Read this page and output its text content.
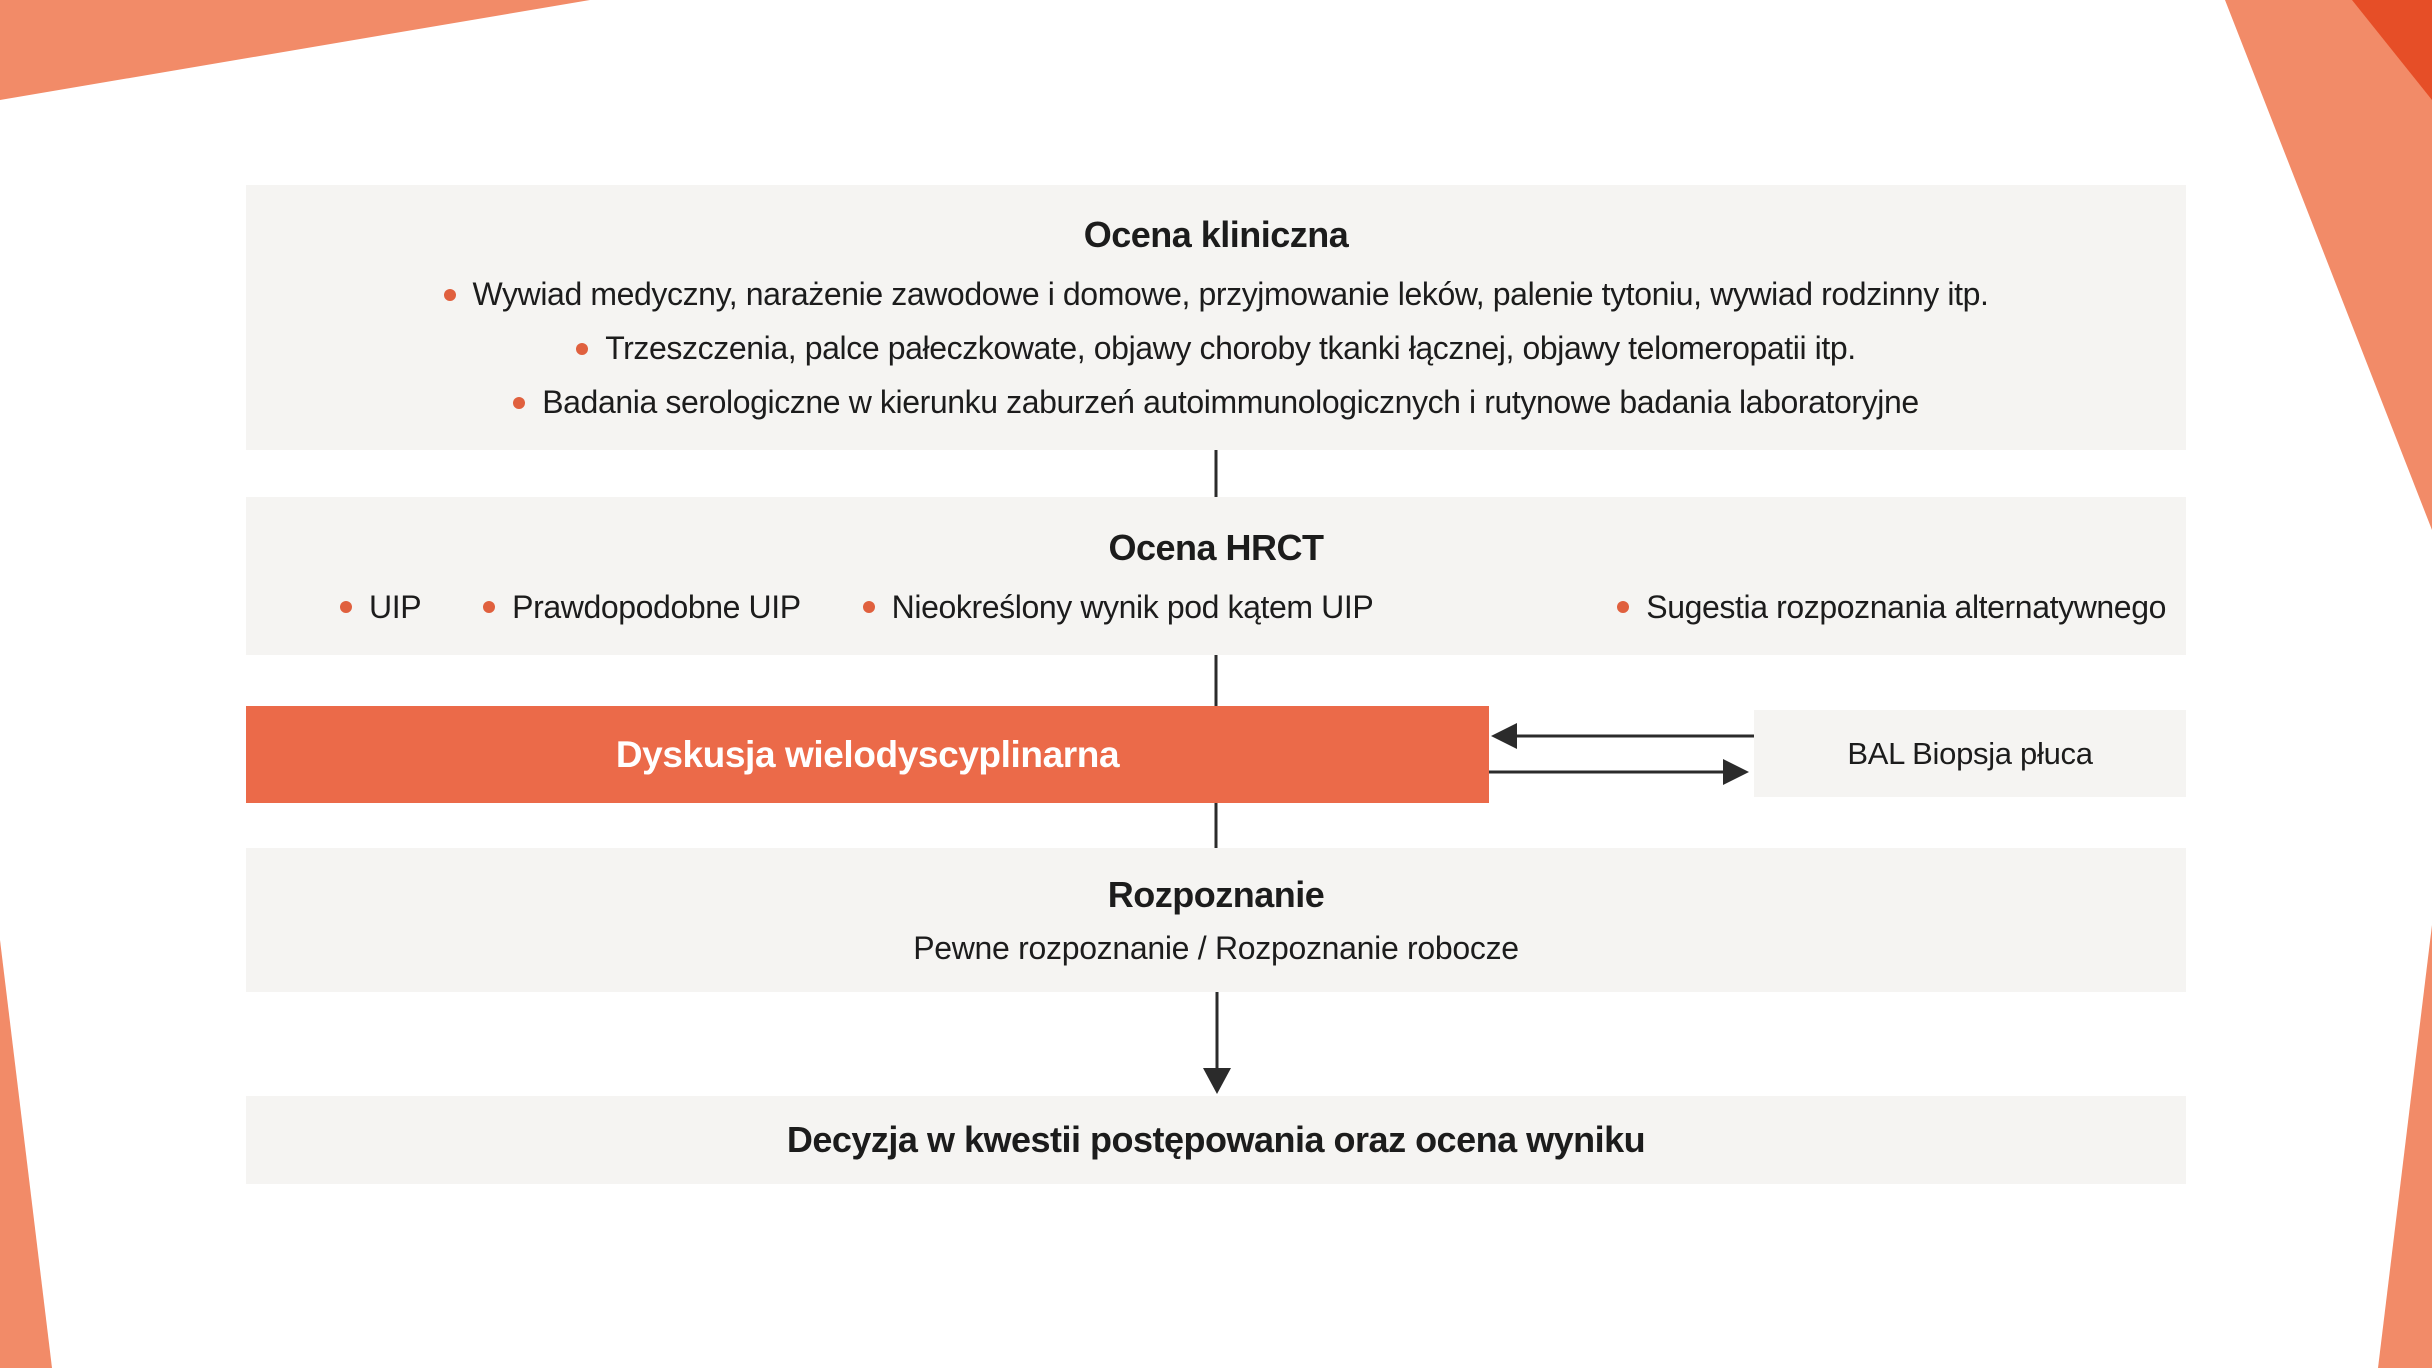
Ocena kliniczna
Wywiad medyczny, narażenie zawodowe i domowe, przyjmowanie leków, palenie tytoniu, wywiad rodzinny itp.
Trzeszczenia, palce pałeczkowate, objawy choroby tkanki łącznej, objawy telomeropatii itp.
Badania serologiczne w kierunku zaburzeń autoimmunologicznych i rutynowe badania laboratoryjne
Ocena HRCT
UIP	Prawdopodobne UIP	Nieokreślony wynik pod kątem UIP	Sugestia rozpoznania alternatywnego
Dyskusja wielodyscyplinarna	BAL Biopsja płuca
Rozpoznanie
Pewne rozpoznanie / Rozpoznanie robocze
Decyzja w kwestii postępowania oraz ocena wyniku
